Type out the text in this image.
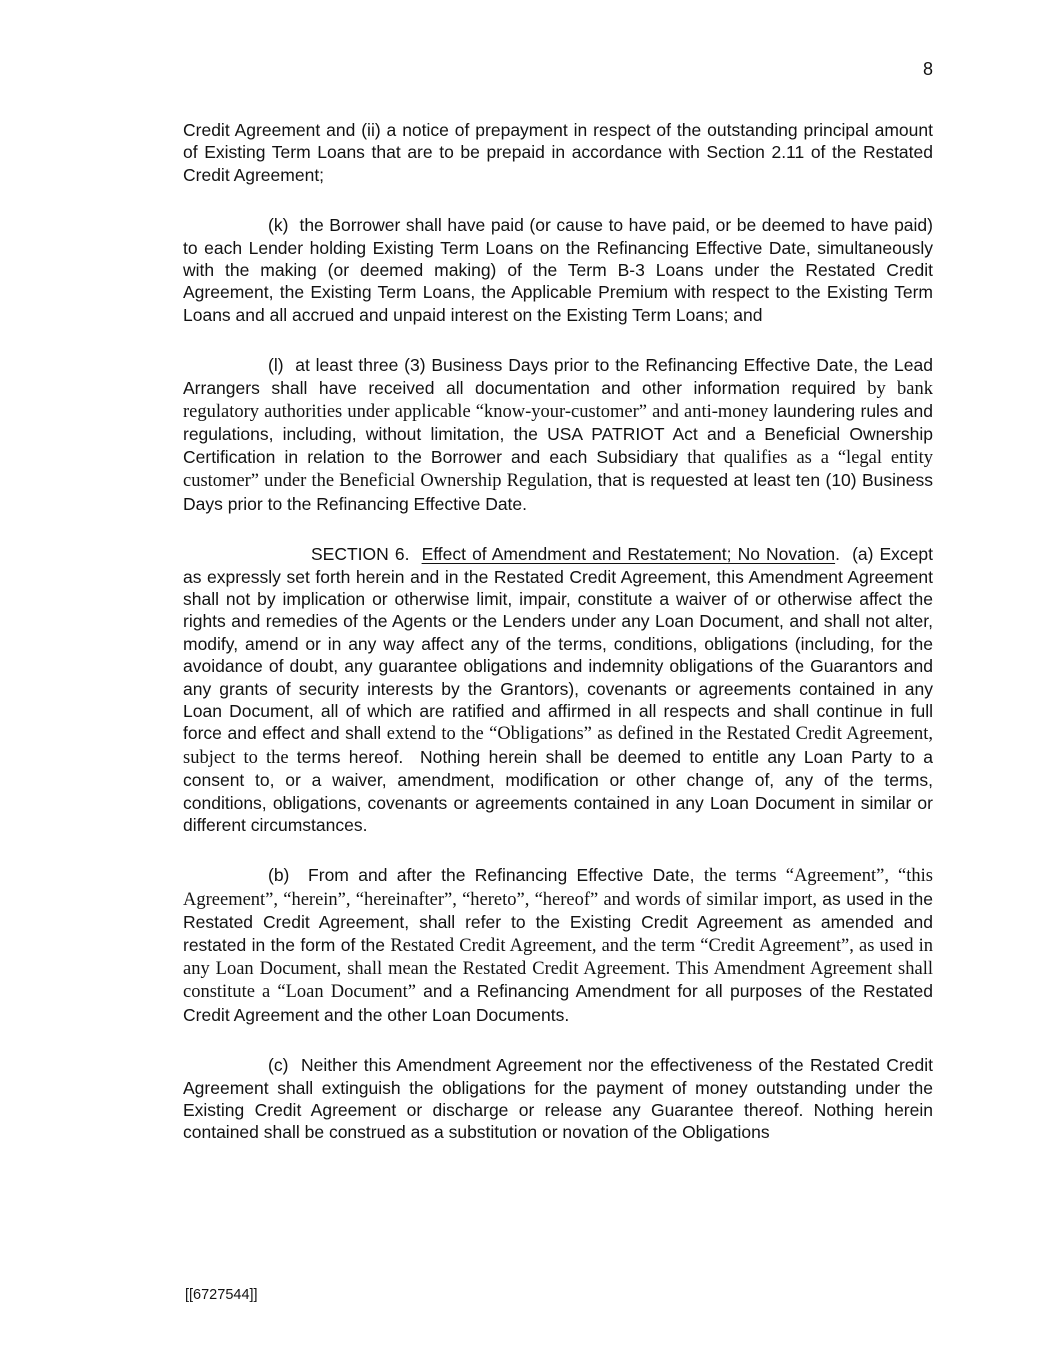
8

Credit Agreement and (ii) a notice of prepayment in respect of the outstanding principal amount of Existing Term Loans that are to be prepaid in accordance with Section 2.11 of the Restated Credit Agreement;

(k)  the Borrower shall have paid (or cause to have paid, or be deemed to have paid) to each Lender holding Existing Term Loans on the Refinancing Effective Date, simultaneously with the making (or deemed making) of the Term B-3 Loans under the Restated Credit Agreement, the Existing Term Loans, the Applicable Premium with respect to the Existing Term Loans and all accrued and unpaid interest on the Existing Term Loans; and

(l)  at least three (3) Business Days prior to the Refinancing Effective Date, the Lead Arrangers shall have received all documentation and other information required by bank regulatory authorities under applicable “know-your-customer” and anti-money laundering rules and regulations, including, without limitation, the USA PATRIOT Act and a Beneficial Ownership Certification in relation to the Borrower and each Subsidiary that qualifies as a “legal entity customer” under the Beneficial Ownership Regulation, that is requested at least ten (10) Business Days prior to the Refinancing Effective Date.

SECTION 6.  Effect of Amendment and Restatement; No Novation.  (a) Except as expressly set forth herein and in the Restated Credit Agreement, this Amendment Agreement shall not by implication or otherwise limit, impair, constitute a waiver of or otherwise affect the rights and remedies of the Agents or the Lenders under any Loan Document, and shall not alter, modify, amend or in any way affect any of the terms, conditions, obligations (including, for the avoidance of doubt, any guarantee obligations and indemnity obligations of the Guarantors and any grants of security interests by the Grantors), covenants or agreements contained in any Loan Document, all of which are ratified and affirmed in all respects and shall continue in full force and effect and shall extend to the “Obligations” as defined in the Restated Credit Agreement, subject to the terms hereof.  Nothing herein shall be deemed to entitle any Loan Party to a consent to, or a waiver, amendment, modification or other change of, any of the terms, conditions, obligations, covenants or agreements contained in any Loan Document in similar or different circumstances.

(b)  From and after the Refinancing Effective Date, the terms “Agreement”, “this Agreement”, “herein”, “hereinafter”, “hereto”, “hereof” and words of similar import, as used in the Restated Credit Agreement, shall refer to the Existing Credit Agreement as amended and restated in the form of the Restated Credit Agreement, and the term “Credit Agreement”, as used in any Loan Document, shall mean the Restated Credit Agreement. This Amendment Agreement shall constitute a “Loan Document” and a Refinancing Amendment for all purposes of the Restated Credit Agreement and the other Loan Documents.

(c)  Neither this Amendment Agreement nor the effectiveness of the Restated Credit Agreement shall extinguish the obligations for the payment of money outstanding under the Existing Credit Agreement or discharge or release any Guarantee thereof. Nothing herein contained shall be construed as a substitution or novation of the Obligations

[[6727544]]
